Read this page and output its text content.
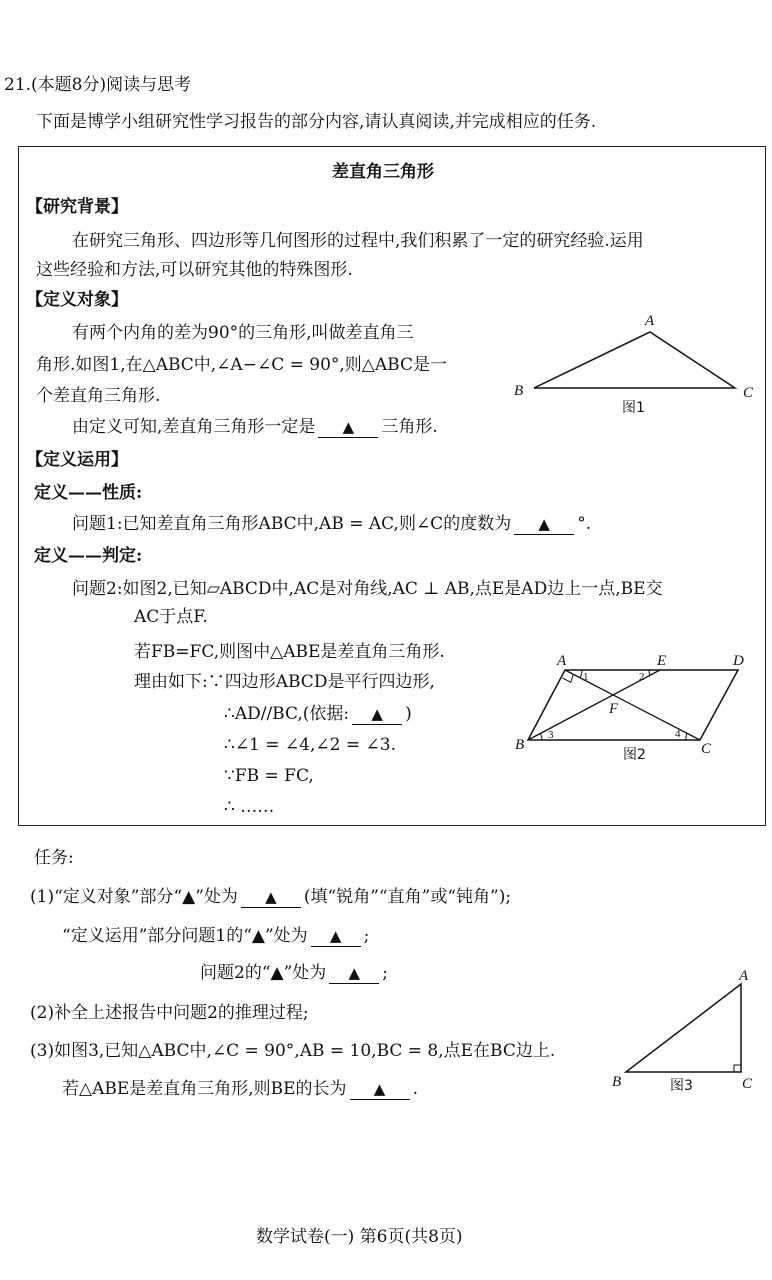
21.(本题8分)阅读与思考
下面是博学小组研究性学习报告的部分内容,请认真阅读,并完成相应的任务.
差直角三角形
【研究背景】
在研究三角形、四边形等几何图形的过程中,我们积累了一定的研究经验.运用
这些经验和方法,可以研究其他的特殊图形.
【定义对象】
有两个内角的差为90°的三角形,叫做差直角三
角形.如图1,在△ABC中,∠A−∠C = 90°,则△ABC是一
个差直角三角形.
由定义可知,差直角三角形一定是 ▲ 三角形.
【定义运用】
定义——性质:
问题1:已知差直角三角形ABC中,AB = AC,则∠C的度数为 ▲ °.
定义——判定:
问题2:如图2,已知▱ABCD中,AC是对角线,AC ⊥ AB,点E是AD边上一点,BE交
AC于点F.
若FB=FC,则图中△ABE是差直角三角形.
理由如下:∵四边形ABCD是平行四边形,
∴AD//BC,(依据: ▲ )
∴∠1 = ∠4,∠2 = ∠3.
∵FB = FC,
∴ ……
A
B	C
图1
A	E	D
F
B	C
1	2
3	4
图2
任务:
(1)“定义对象”部分“▲”处为 ▲ (填“锐角”“直角”或“钝角”);
“定义运用”部分问题1的“▲”处为 ▲ ;
问题2的“▲”处为 ▲ ;
(2)补全上述报告中问题2的推理过程;
(3)如图3,已知△ABC中,∠C = 90°,AB = 10,BC = 8,点E在BC边上.
若△ABE是差直角三角形,则BE的长为 ▲ .
A
B	C
图3
数学试卷(一) 第6页(共8页)
